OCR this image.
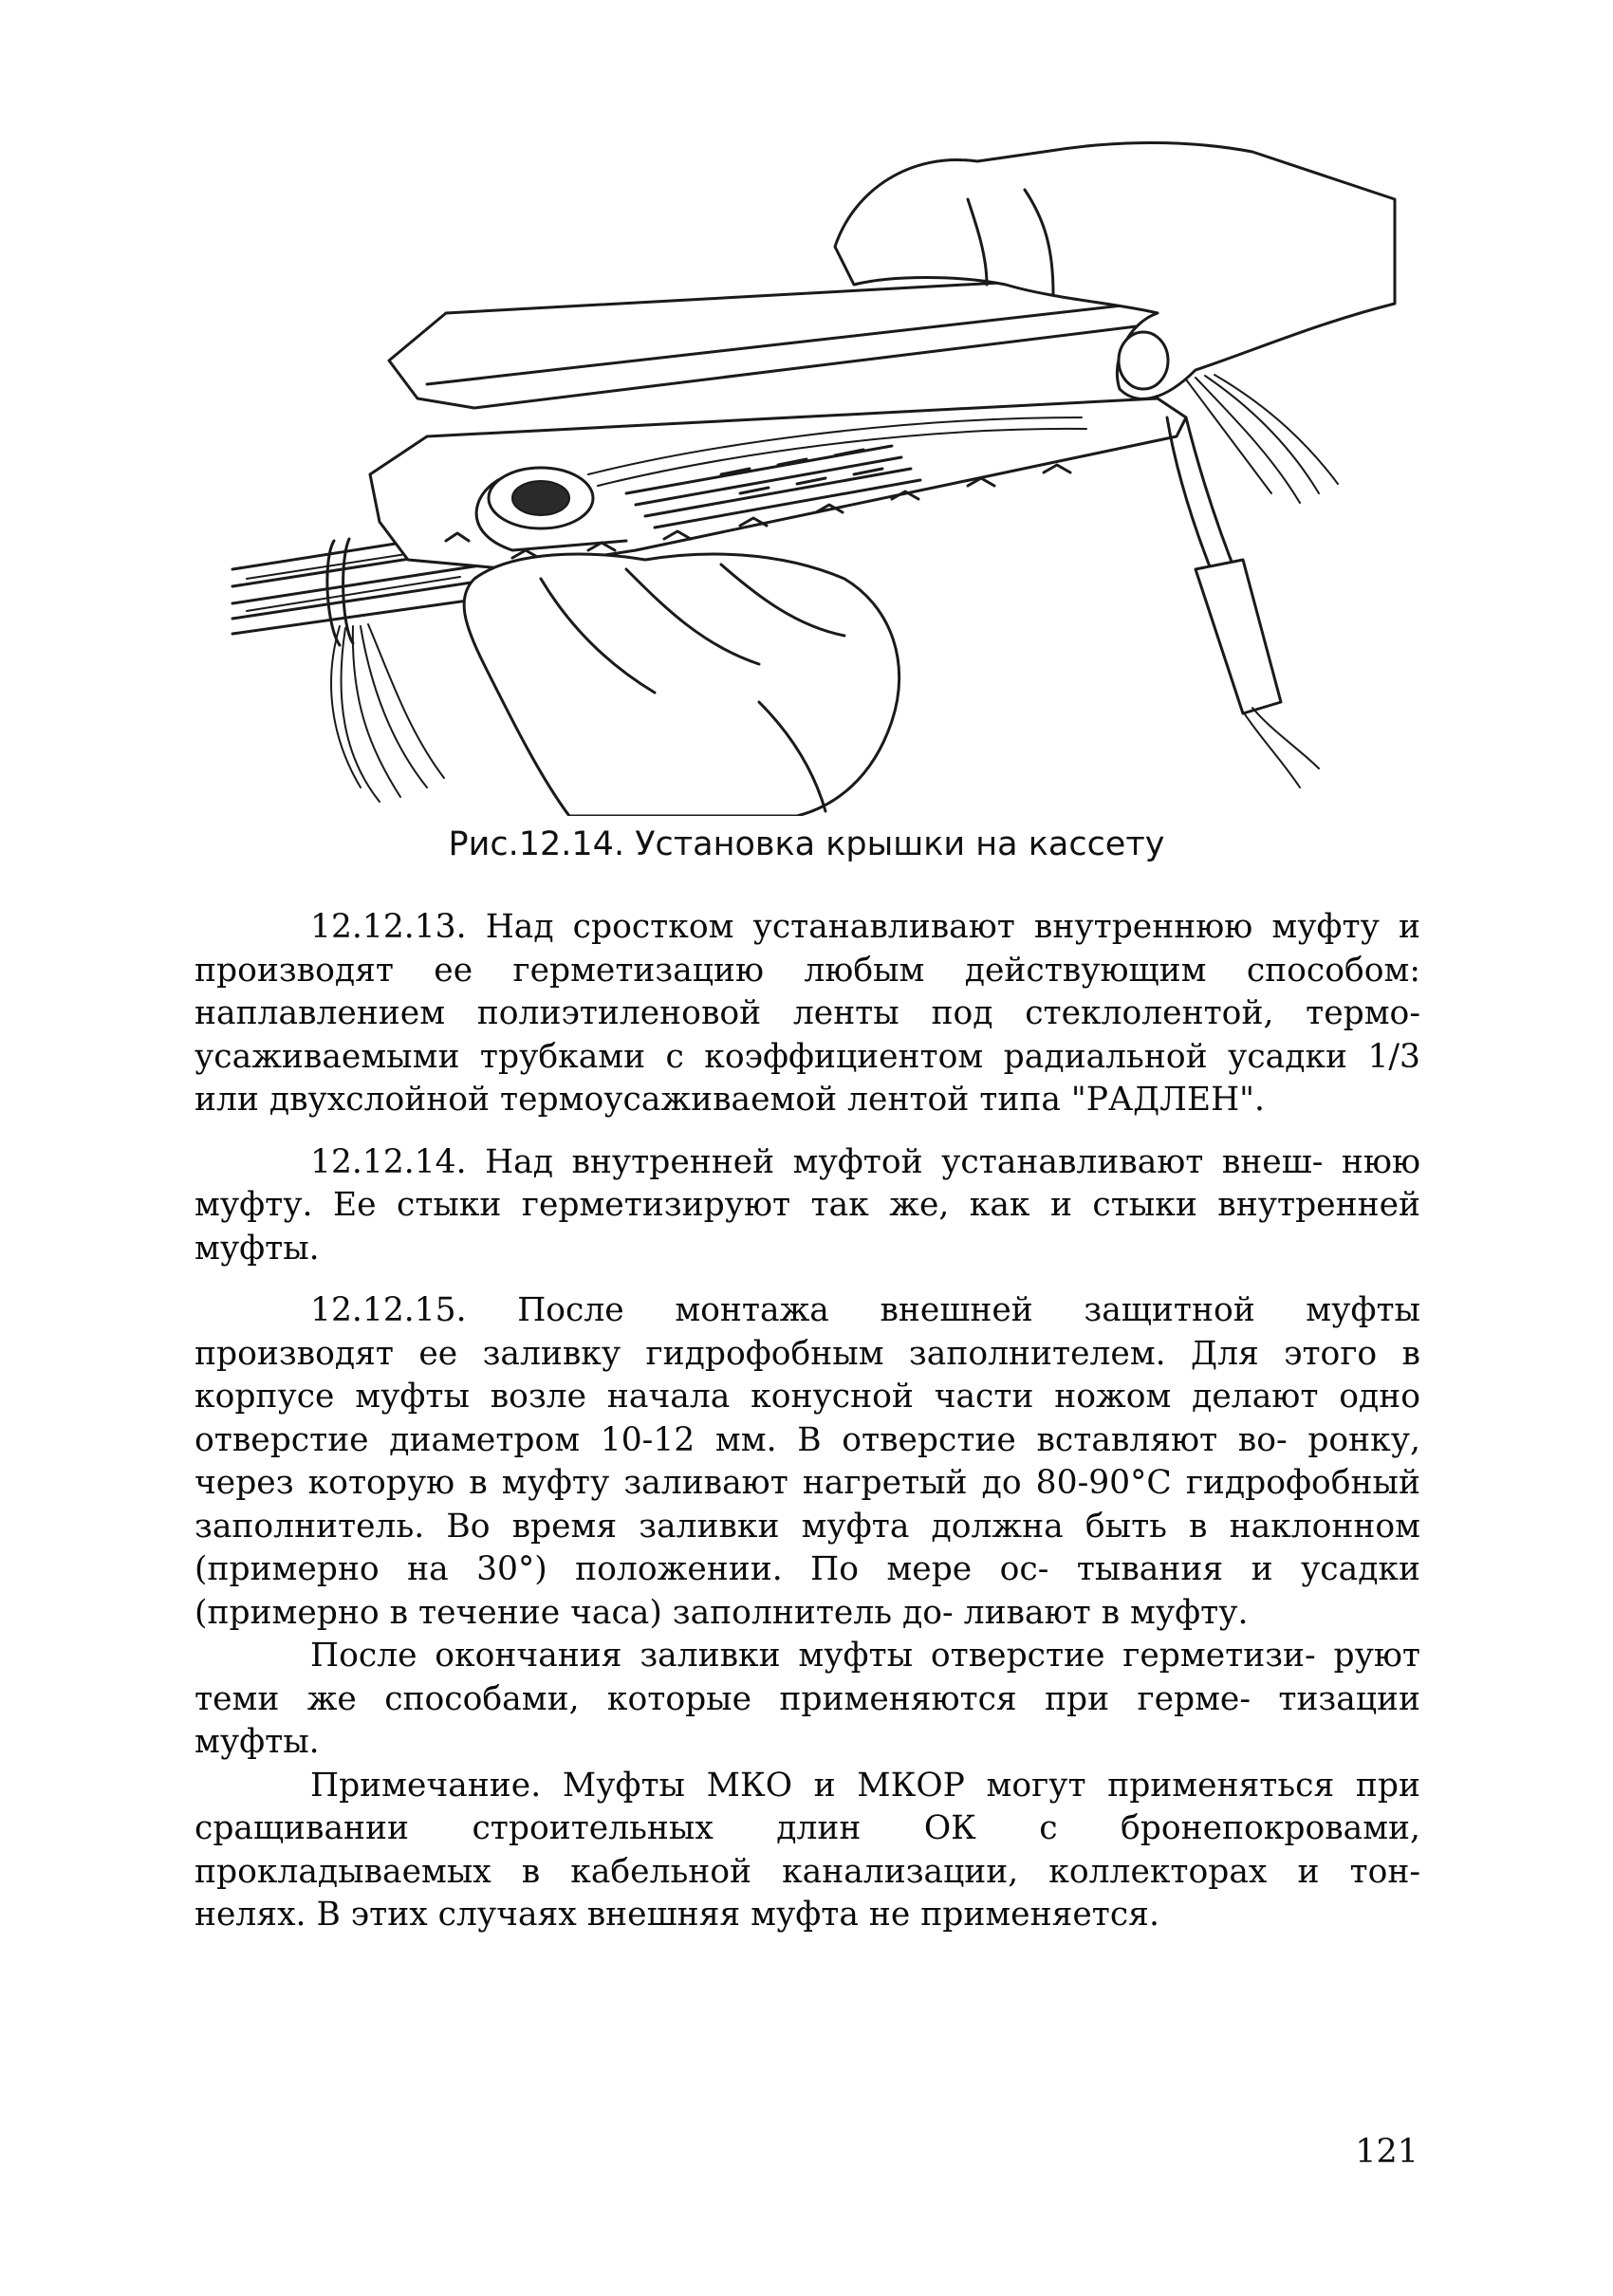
Рис.12.14. Установка крышки на кассету

12.12.13. Над сростком устанавливают внутреннюю муфту и производят ее герметизацию любым действующим способом: наплавлением полиэтиленовой ленты под стеклолентой, термо- усаживаемыми трубками с коэффициентом радиальной усадки 1/3 или двухслойной термоусаживаемой лентой типа "РАДЛЕН".

12.12.14. Над внутренней муфтой устанавливают внеш- нюю муфту. Ее стыки герметизируют так же, как и стыки внутренней муфты.

12.12.15. После монтажа внешней защитной муфты производят ее заливку гидрофобным заполнителем. Для этого в корпусе муфты возле начала конусной части ножом делают одно отверстие диаметром 10-12 мм. В отверстие вставляют во- ронку, через которую в муфту заливают нагретый до 80-90°С гидрофобный заполнитель. Во время заливки муфта должна быть в наклонном (примерно на 30°) положении. По мере ос- тывания и усадки (примерно в течение часа) заполнитель до- ливают в муфту.

После окончания заливки муфты отверстие герметизи- руют теми же способами, которые применяются при герме- тизации муфты.

Примечание. Муфты МКО и МКОР могут применяться при сращивании строительных длин ОК с бронепокровами, прокладываемых в кабельной канализации, коллекторах и тон- нелях. В этих случаях внешняя муфта не применяется.

121
